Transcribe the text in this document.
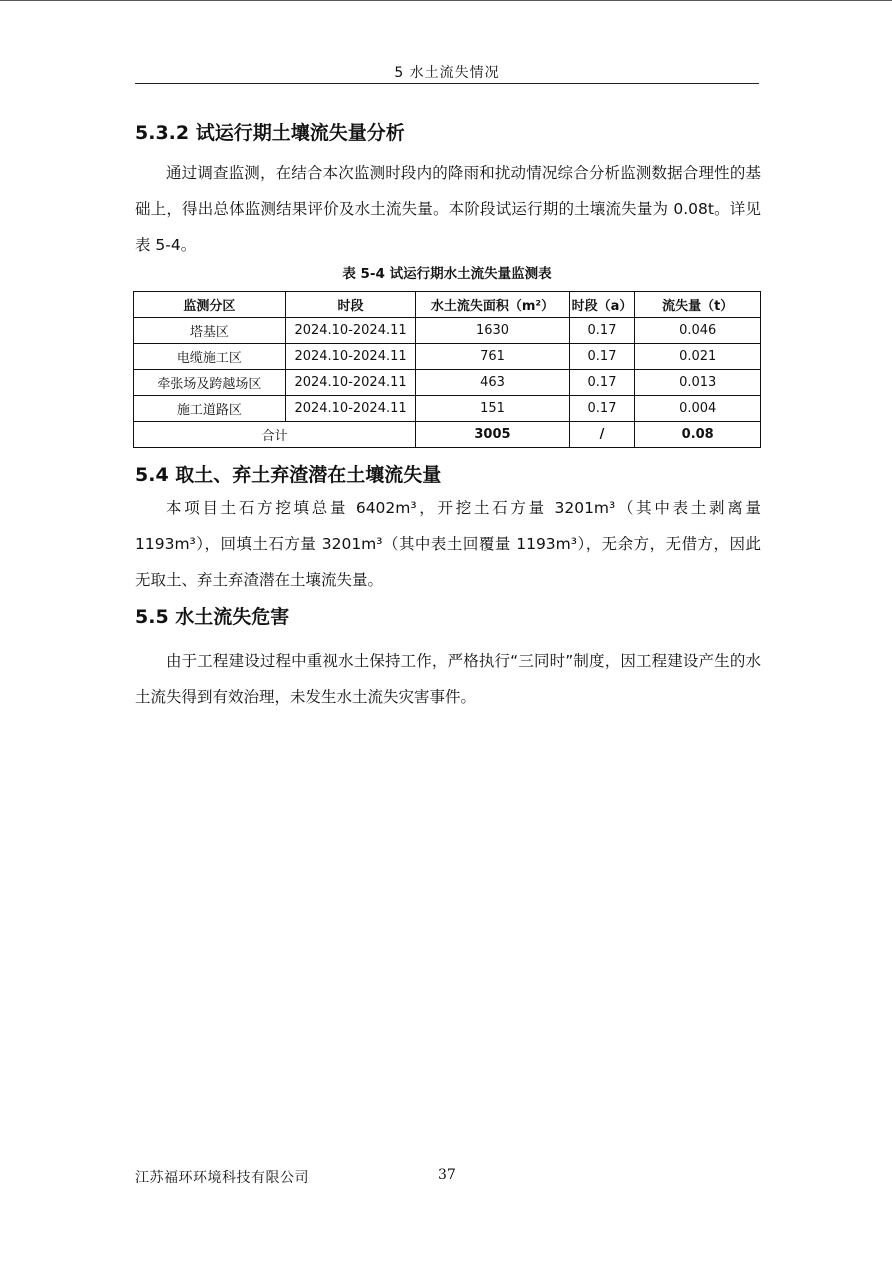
5 水土流失情况
5.3.2 试运行期土壤流失量分析
通过调查监测，在结合本次监测时段内的降雨和扰动情况综合分析监测数据合理性的基础上，得出总体监测结果评价及水土流失量。本阶段试运行期的土壤流失量为 0.08t。详见表 5-4。
表 5-4 试运行期水土流失量监测表
监测分区	时段	水土流失面积（m²）	时段（a）	流失量（t）
塔基区	2024.10-2024.11	1630	0.17	0.046
电缆施工区	2024.10-2024.11	761	0.17	0.021
牵张场及跨越场区	2024.10-2024.11	463	0.17	0.013
施工道路区	2024.10-2024.11	151	0.17	0.004
合计		3005	/	0.08
5.4 取土、弃土弃渣潜在土壤流失量
本项目土石方挖填总量 6402m³，开挖土石方量 3201m³（其中表土剥离量 1193m³），回填土石方量 3201m³（其中表土回覆量 1193m³），无余方，无借方，因此无取土、弃土弃渣潜在土壤流失量。
5.5 水土流失危害
由于工程建设过程中重视水土保持工作，严格执行“三同时”制度，因工程建设产生的水土流失得到有效治理，未发生水土流失灾害事件。
江苏福环环境科技有限公司	37
